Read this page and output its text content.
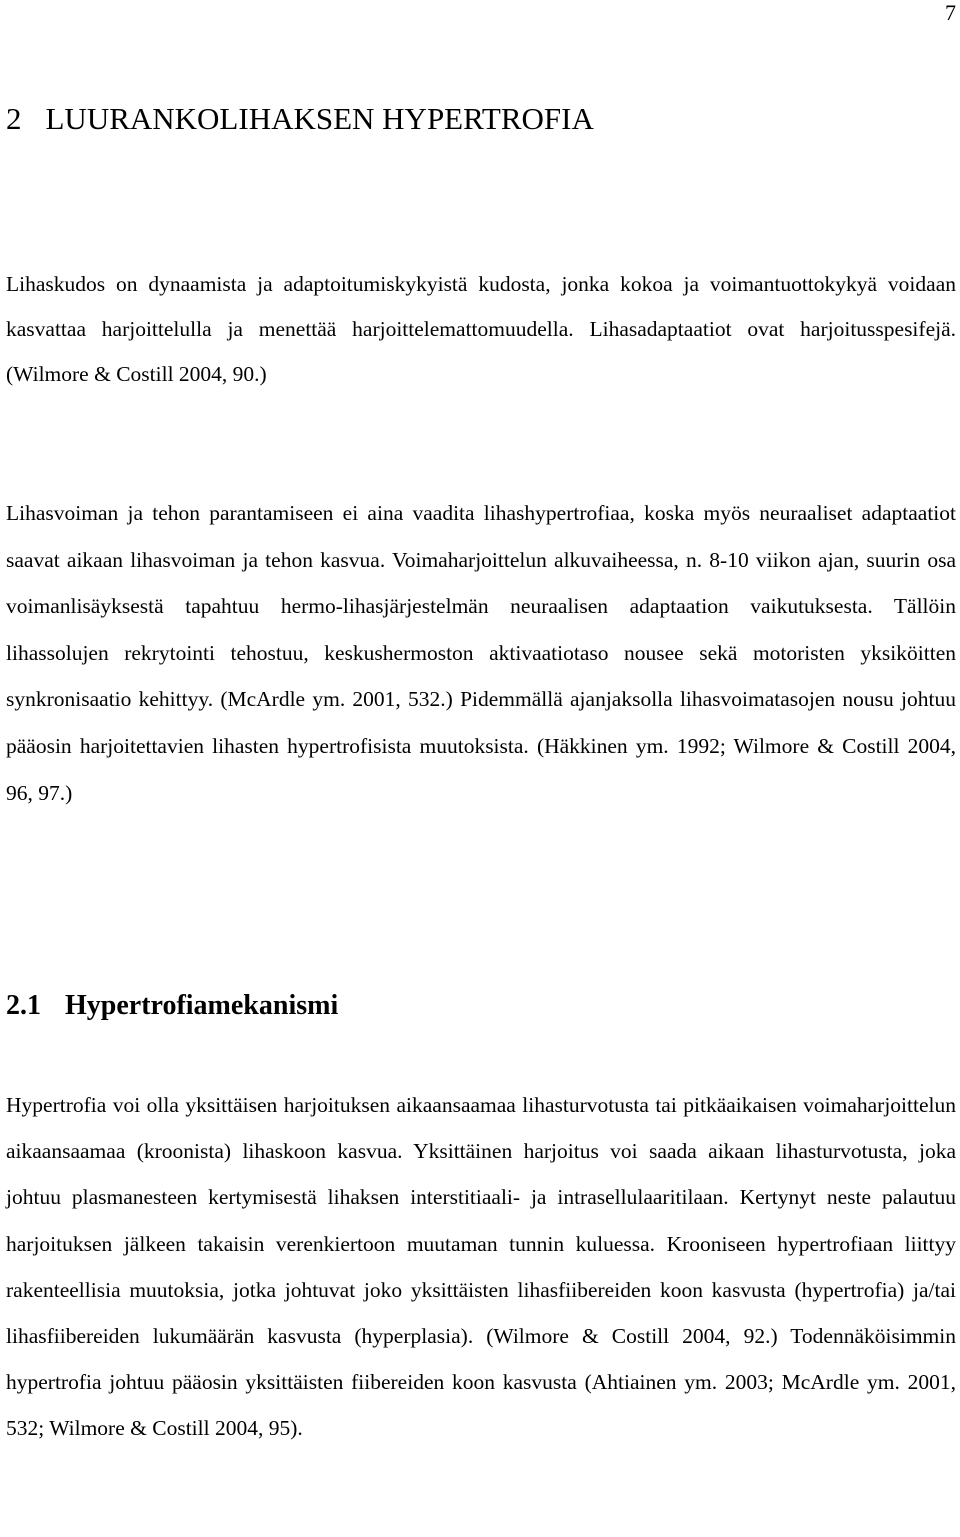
7
2 LUURANKOLIHAKSEN HYPERTROFIA

Lihaskudos on dynaamista ja adaptoitumiskykyistä kudosta, jonka kokoa ja voimantuottokykyä voidaan kasvattaa harjoittelulla ja menettää harjoittelemattomuudella. Lihasadaptaatiot ovat harjoitusspesifejä. (Wilmore & Costill 2004, 90.)

Lihasvoiman ja tehon parantamiseen ei aina vaadita lihashypertrofiaa, koska myös neuraaliset adaptaatiot saavat aikaan lihasvoiman ja tehon kasvua. Voimaharjoittelun alkuvaiheessa, n. 8-10 viikon ajan, suurin osa voimanlisäyksestä tapahtuu hermo-lihasjärjestelmän neuraalisen adaptaation vaikutuksesta. Tällöin lihassolujen rekrytointi tehostuu, keskushermoston aktivaatiotaso nousee sekä motoristen yksiköitten synkronisaatio kehittyy. (McArdle ym. 2001, 532.) Pidemmällä ajanjaksolla lihasvoimatasojen nousu johtuu pääosin harjoitettavien lihasten hypertrofisista muutoksista. (Häkkinen ym. 1992; Wilmore & Costill 2004, 96, 97.)

2.1 Hypertrofiamekanismi

Hypertrofia voi olla yksittäisen harjoituksen aikaansaamaa lihasturvotusta tai pitkäaikaisen voimaharjoittelun aikaansaamaa (kroonista) lihaskoon kasvua. Yksittäinen harjoitus voi saada aikaan lihasturvotusta, joka johtuu plasmanesteen kertymisestä lihaksen interstitiaali- ja intrasellulaaritilaan. Kertynyt neste palautuu harjoituksen jälkeen takaisin verenkiertoon muutaman tunnin kuluessa. Krooniseen hypertrofiaan liittyy rakenteellisia muutoksia, jotka johtuvat joko yksittäisten lihasfiibereiden koon kasvusta (hypertrofia) ja/tai lihasfiibereiden lukumäärän kasvusta (hyperplasia). (Wilmore & Costill 2004, 92.) Todennäköisimmin hypertrofia johtuu pääosin yksittäisten fiibereiden koon kasvusta (Ahtiainen ym. 2003; McArdle ym. 2001, 532; Wilmore & Costill 2004, 95).
